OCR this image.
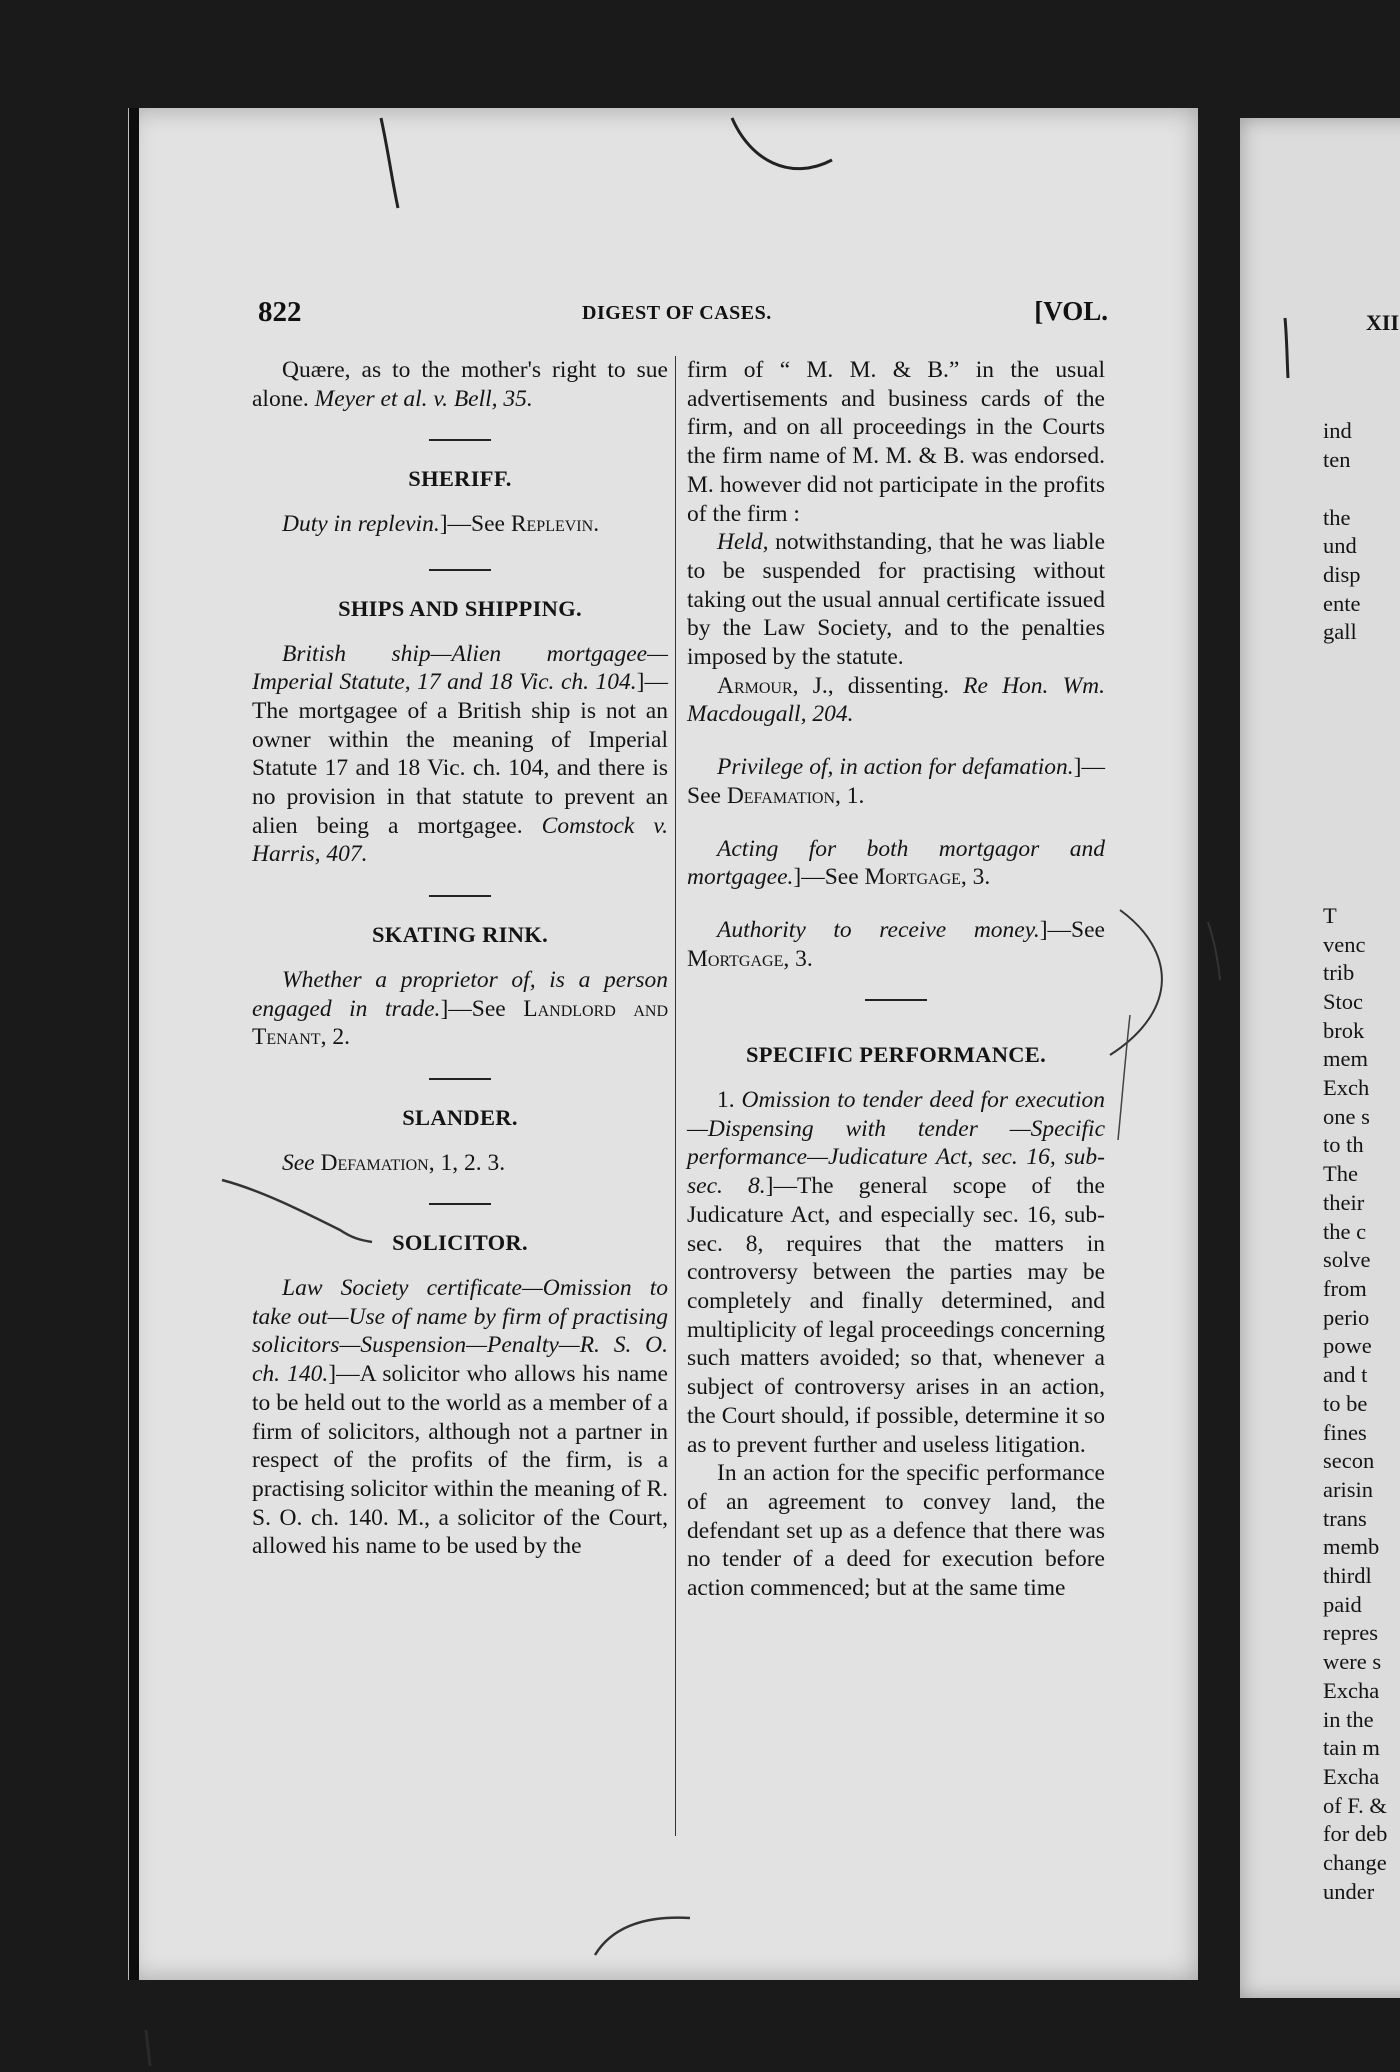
822	DIGEST OF CASES.	[VOL.

Quære, as to the mother's right to sue alone. Meyer et al. v. Bell, 35.

SHERIFF.

Duty in replevin.]—See Replevin.

SHIPS AND SHIPPING.

British ship—Alien mortgagee—Imperial Statute, 17 and 18 Vic. ch. 104.]—The mortgagee of a British ship is not an owner within the meaning of Imperial Statute 17 and 18 Vic. ch. 104, and there is no provision in that statute to prevent an alien being a mortgagee. Comstock v. Harris, 407.

SKATING RINK.

Whether a proprietor of, is a person engaged in trade.]—See Landlord and Tenant, 2.

SLANDER.

See Defamation, 1, 2. 3.

SOLICITOR.

Law Society certificate—Omission to take out—Use of name by firm of practising solicitors—Suspension—Penalty—R. S. O. ch. 140.]—A solicitor who allows his name to be held out to the world as a member of a firm of solicitors, although not a partner in respect of the profits of the firm, is a practising solicitor within the meaning of R. S. O. ch. 140. M., a solicitor of the Court, allowed his name to be used by the

firm of “ M. M. & B.” in the usual advertisements and business cards of the firm, and on all proceedings in the Courts the firm name of M. M. & B. was endorsed. M. however did not participate in the profits of the firm :

Held, notwithstanding, that he was liable to be suspended for practising without taking out the usual annual certificate issued by the Law Society, and to the penalties imposed by the statute.

Armour, J., dissenting. Re Hon. Wm. Macdougall, 204.

Privilege of, in action for defamation.]—See Defamation, 1.

Acting for both mortgagor and mortgagee.]—See Mortgage, 3.

Authority to receive money.]—See Mortgage, 3.

SPECIFIC PERFORMANCE.

1. Omission to tender deed for execution—Dispensing with tender —Specific performance—Judicature Act, sec. 16, sub-sec. 8.]—The general scope of the Judicature Act, and especially sec. 16, sub-sec. 8, requires that the matters in controversy between the parties may be completely and finally determined, and multiplicity of legal proceedings concerning such matters avoided; so that, whenever a subject of controversy arises in an action, the Court should, if possible, determine it so as to prevent further and useless litigation.

In an action for the specific performance of an agreement to convey land, the defendant set up as a defence that there was no tender of a deed for execution before action commenced; but at the same time

XII

ind
ten

the
und
disp
ente
gall

T
venc
trib
Stoc
brok
mem
Exch
one s
to th
The
their
the c
solve
from
perio
powe
and t
to be
fines
secon
arisin
trans
memb
thirdl
paid
repres
were s
Excha
in the
tain m
Excha
of F. &
for deb
change
under
